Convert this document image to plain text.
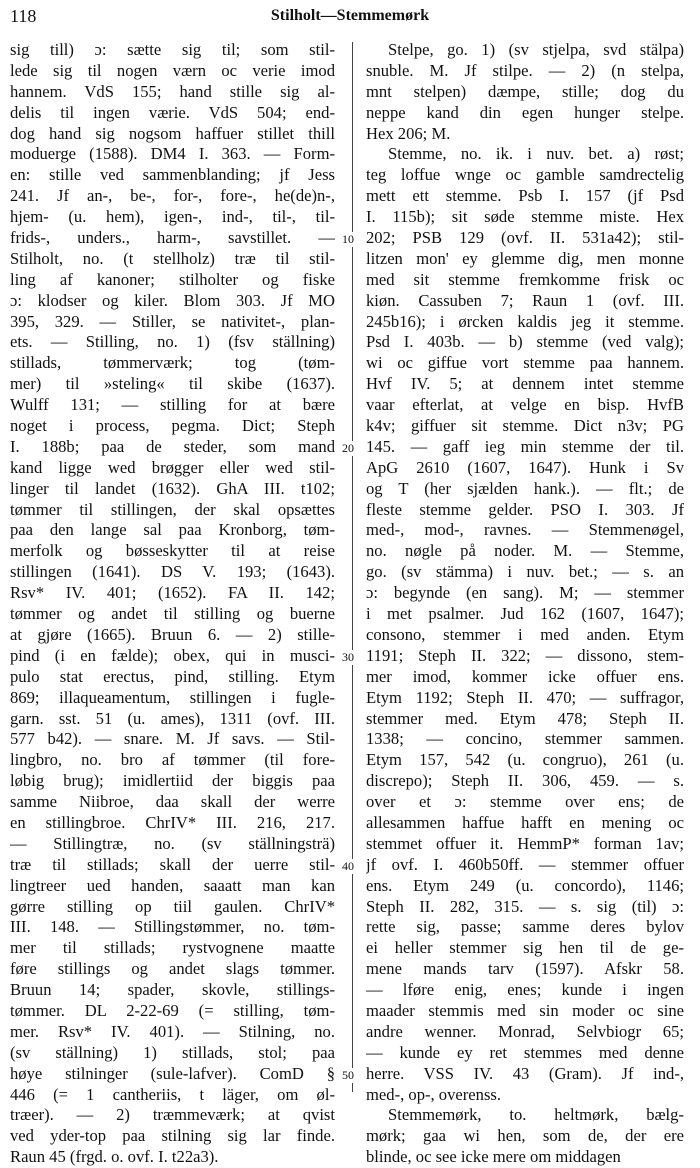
118	Stilholt—Stemmemørk
10
20
30
40
50
sig till) ɔ: sætte sig til; som stil-
lede sig til nogen værn oc verie imod
hannem. VdS 155; hand stille sig al-
delis til ingen værie. VdS 504; end-
dog hand sig nogsom haffuer stillet thill
moduerge (1588). DM4 I. 363. — Form-
en: stille ved sammenblanding; jf Jess
241. Jf an-, be-, for-, fore-, he(de)n-,
hjem- (u. hem), igen-, ind-, til-, til-
frids-, unders., harm-, savstillet. —
Stilholt, no. (t stellholz) træ til stil-
ling af kanoner; stilholter og fiske
ɔ: klodser og kiler. Blom 303. Jf MO
395, 329. — Stiller, se nativitet-, plan-
ets. — Stilling, no. 1) (fsv ställning)
stillads, tømmerværk; tog (tøm-
mer) til »steling« til skibe (1637).
Wulff 131; — stilling for at bære
noget i process, pegma. Dict; Steph
I. 188b; paa de steder, som mand
kand ligge wed brøgger eller wed stil-
linger til landet (1632). GhA III. t102;
tømmer til stillingen, der skal opsættes
paa den lange sal paa Kronborg, tøm-
merfolk og bøsseskytter til at reise
stillingen (1641). DS V. 193; (1643).
Rsv* IV. 401; (1652). FA II. 142;
tømmer og andet til stilling og buerne
at gjøre (1665). Bruun 6. — 2) stille-
pind (i en fælde); obex, qui in musci-
pulo stat erectus, pind, stilling. Etym
869; illaqueamentum, stillingen i fugle-
garn. sst. 51 (u. ames), 1311 (ovf. III.
577 b42). — snare. M. Jf savs. — Stil-
lingbro, no. bro af tømmer (til fore-
løbig brug); imidlertiid der biggis paa
samme Niibroe, daa skall der werre
en stillingbroe. ChrIV* III. 216, 217.
— Stillingtræ, no. (sv ställningsträ)
træ til stillads; skall der uerre stil-
lingtreer ued handen, saaatt man kan
gørre stilling op tiil gaulen. ChrIV*
III. 148. — Stillingstømmer, no. tøm-
mer til stillads; rystvognene maatte
føre stillings og andet slags tømmer.
Bruun 14; spader, skovle, stillings-
tømmer. DL 2-22-69 (= stilling, tøm-
mer. Rsv* IV. 401). — Stilning, no.
(sv ställning) 1) stillads, stol; paa
høye stilninger (sule-lafver). ComD §
446 (= 1 cantheriis, t läger, om øl-
træer). — 2) træmmeværk; at qvist
ved yder-top paa stilning sig lar finde.
Raun 45 (frgd. o. ovf. I. t22a3).
Stelpe, go. 1) (sv stjelpa, svd stälpa)
snuble. M. Jf stilpe. — 2) (n stelpa,
mnt stelpen) dæmpe, stille; dog du
neppe kand din egen hunger stelpe.
Hex 206; M.
Stemme, no. ik. i nuv. bet. a) røst;
teg loffue wnge oc gamble samdrectelig
mett ett stemme. Psb I. 157 (jf Psd
I. 115b); sit søde stemme miste. Hex
202; PSB 129 (ovf. II. 531a42); stil-
litzen mon' ey glemme dig, men monne
med sit stemme fremkomme frisk oc
kiøn. Cassuben 7; Raun 1 (ovf. III.
245b16); i ørcken kaldis jeg it stemme.
Psd I. 403b. — b) stemme (ved valg);
wi oc giffue vort stemme paa hannem.
Hvf IV. 5; at dennem intet stemme
vaar efterlat, at velge en bisp. HvfB
k4v; giffuer sit stemme. Dict n3v; PG
145. — gaff ieg min stemme der til.
ApG 2610 (1607, 1647). Hunk i Sv
og T (her sjælden hank.). — flt.; de
fleste stemme gelder. PSO I. 303. Jf
med-, mod-, ravnes. — Stemmenøgel,
no. nøgle på noder. M. — Stemme,
go. (sv stämma) i nuv. bet.; — s. an
ɔ: begynde (en sang). M; — stemmer
i met psalmer. Jud 162 (1607, 1647);
consono, stemmer i med anden. Etym
1191; Steph II. 322; — dissono, stem-
mer imod, kommer icke offuer ens.
Etym 1192; Steph II. 470; — suffragor,
stemmer med. Etym 478; Steph II.
1338; — concino, stemmer sammen.
Etym 157, 542 (u. congruo), 261 (u.
discrepo); Steph II. 306, 459. — s.
over et ɔ: stemme over ens; de
allesammen haffue hafft en mening oc
stemmet offuer it. HemmP* forman 1av;
jf ovf. I. 460b50ff. — stemmer offuer
ens. Etym 249 (u. concordo), 1146;
Steph II. 282, 315. — s. sig (til) ɔ:
rette sig, passe; samme deres bylov
ei heller stemmer sig hen til de ge-
mene mands tarv (1597). Afskr 58.
— lføre enig, enes; kunde i ingen
maader stemmis med sin moder oc sine
andre wenner. Monrad, Selvbiogr 65;
— kunde ey ret stemmes med denne
herre. VSS IV. 43 (Gram). Jf ind-,
med-, op-, overenss.
Stemmemørk, to. heltmørk, bælg-
mørk; gaa wi hen, som de, der ere
blinde, oc see icke mere om middagen
